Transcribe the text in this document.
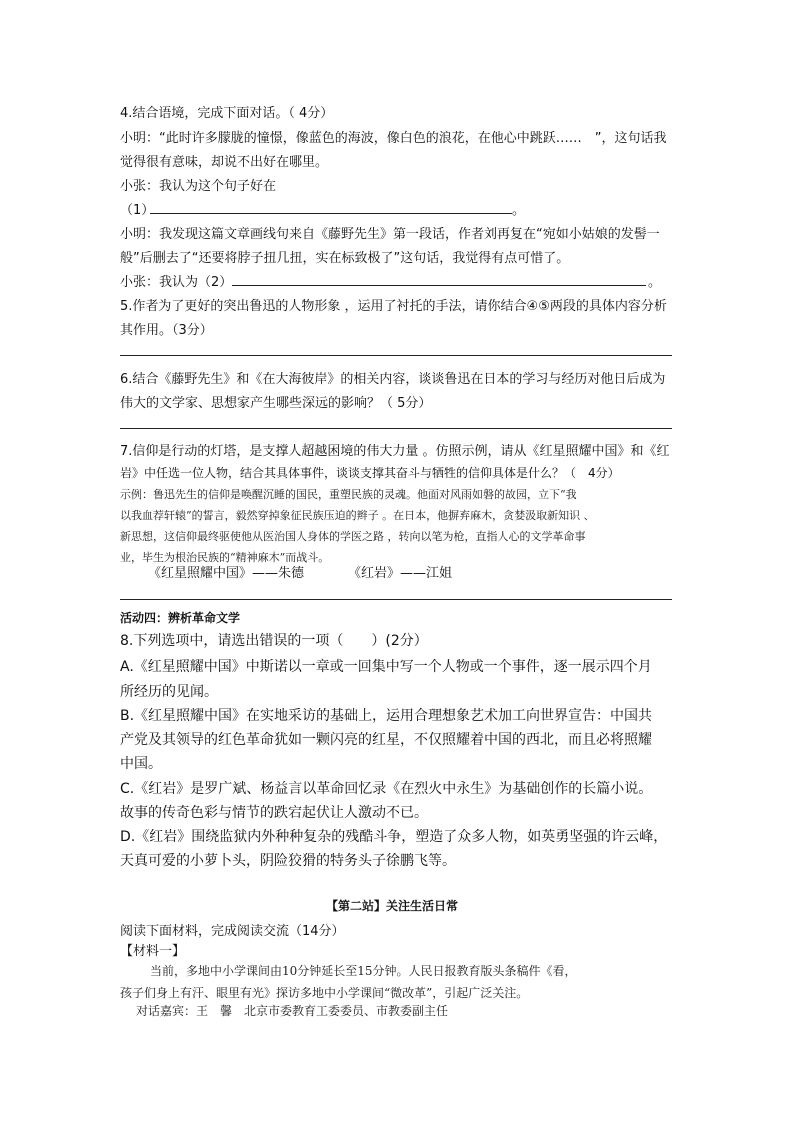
4.结合语境，完成下面对话。（ 4分）
小明：“此时许多朦胧的憧憬，像蓝色的海波，像白色的浪花，在他心中跳跃……　”，这句话我
觉得很有意味，却说不出好在哪里。
小张：我认为这个句子好在
（1）	。
小明：我发现这篇文章画线句来自《藤野先生》第一段话，作者刘再复在“宛如小姑娘的发髻一
般”后删去了“还要将脖子扭几扭，实在标致极了”这句话，我觉得有点可惜了。
小张：我认为（2）	。
5.作者为了更好的突出鲁迅的人物形象 ，运用了衬托的手法，请你结合④⑤两段的具体内容分析
其作用。（3分）
6.结合《藤野先生》和《在大海彼岸》的相关内容，谈谈鲁迅在日本的学习与经历对他日后成为
伟大的文学家、思想家产生哪些深远的影响？（ 5分）
7.信仰是行动的灯塔，是支撑人超越困境的伟大力量 。仿照示例，请从《红星照耀中国》和《红
岩》中任选一位人物，结合其具体事件，谈谈支撑其奋斗与牺牲的信仰具体是什么？（　4分）
示例：鲁迅先生的信仰是唤醒沉睡的国民，重塑民族的灵魂。他面对风雨如磐的故园，立下“我
以我血荐轩辕”的誓言，毅然穿掉象征民族压迫的辫子 。在日本，他摒弃麻木，贪婪汲取新知识 、
新思想，这信仰最终驱使他从医治国人身体的学医之路 ，转向以笔为枪，直指人心的文学革命事
业，毕生为根治民族的“精神麻木”而战斗。
《红星照耀中国》——朱德	《红岩》——江姐
活动四：辨析革命文学
8.下列选项中，请选出错误的一项（　　）(2分）
A.《红星照耀中国》中斯诺以一章或一回集中写一个人物或一个事件，逐一展示四个月
所经历的见闻。
B.《红星照耀中国》在实地采访的基础上，运用合理想象艺术加工向世界宣告：中国共
产党及其领导的红色革命犹如一颗闪亮的红星，不仅照耀着中国的西北，而且必将照耀
中国。
C.《红岩》是罗广斌、杨益言以革命回忆录《在烈火中永生》为基础创作的长篇小说。
故事的传奇色彩与情节的跌宕起伏让人激动不已。
D.《红岩》围绕监狱内外种种复杂的残酷斗争，塑造了众多人物，如英勇坚强的许云峰，
天真可爱的小萝卜头，阴险狡猾的特务头子徐鹏飞等。
【第二站】关注生活日常
阅读下面材料，完成阅读交流（14分）
【材料一】
当前，多地中小学课间由10分钟延长至15分钟。人民日报教育版头条稿件《看，
孩子们身上有汗、眼里有光》探访多地中小学课间“微改革”，引起广泛关注。
对话嘉宾：王　馨　北京市委教育工委委员、市教委副主任
